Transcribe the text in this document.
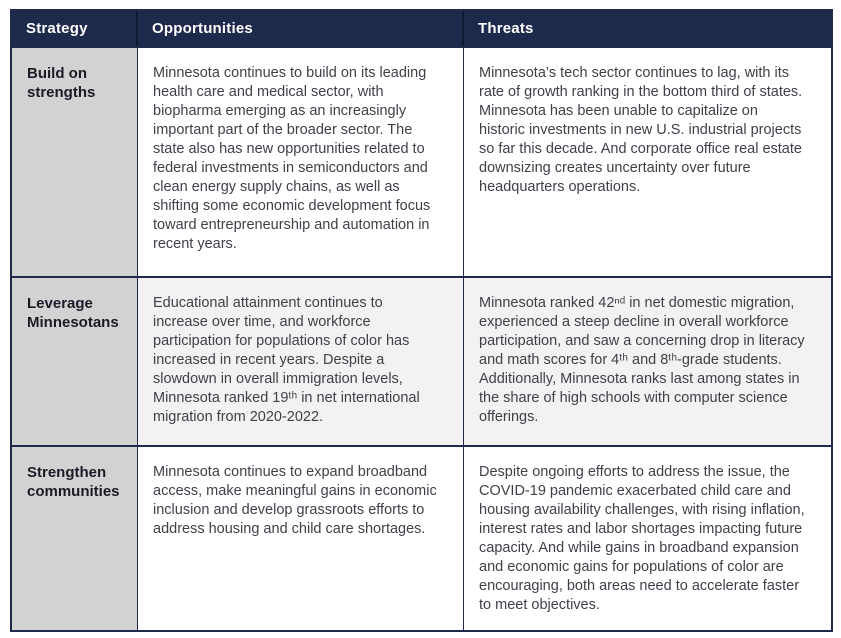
Strategy	Opportunities	Threats
Build on strengths
Minnesota continues to build on its leading health care and medical sector, with biopharma emerging as an increasingly important part of the broader sector. The state also has new opportunities related to federal investments in semiconductors and clean energy supply chains, as well as shifting some economic development focus toward entrepreneurship and automation in recent years.
Minnesota’s tech sector continues to lag, with its rate of growth ranking in the bottom third of states. Minnesota has been unable to capitalize on historic investments in new U.S. industrial projects so far this decade. And corporate office real estate downsizing creates uncertainty over future headquarters operations.
Leverage Minnesotans
Educational attainment continues to increase over time, and workforce participation for populations of color has increased in recent years. Despite a slowdown in overall immigration levels, Minnesota ranked 19ᵗʰ in net international migration from 2020-2022.
Minnesota ranked 42ⁿᵈ in net domestic migration, experienced a steep decline in overall workforce participation, and saw a concerning drop in literacy and math scores for 4ᵗʰ and 8ᵗʰ-grade students. Additionally, Minnesota ranks last among states in the share of high schools with computer science offerings.
Strengthen communities
Minnesota continues to expand broadband access, make meaningful gains in economic inclusion and develop grassroots efforts to address housing and child care shortages.
Despite ongoing efforts to address the issue, the COVID-19 pandemic exacerbated child care and housing availability challenges, with rising inflation, interest rates and labor shortages impacting future capacity. And while gains in broadband expansion and economic gains for populations of color are encouraging, both areas need to accelerate faster to meet objectives.
